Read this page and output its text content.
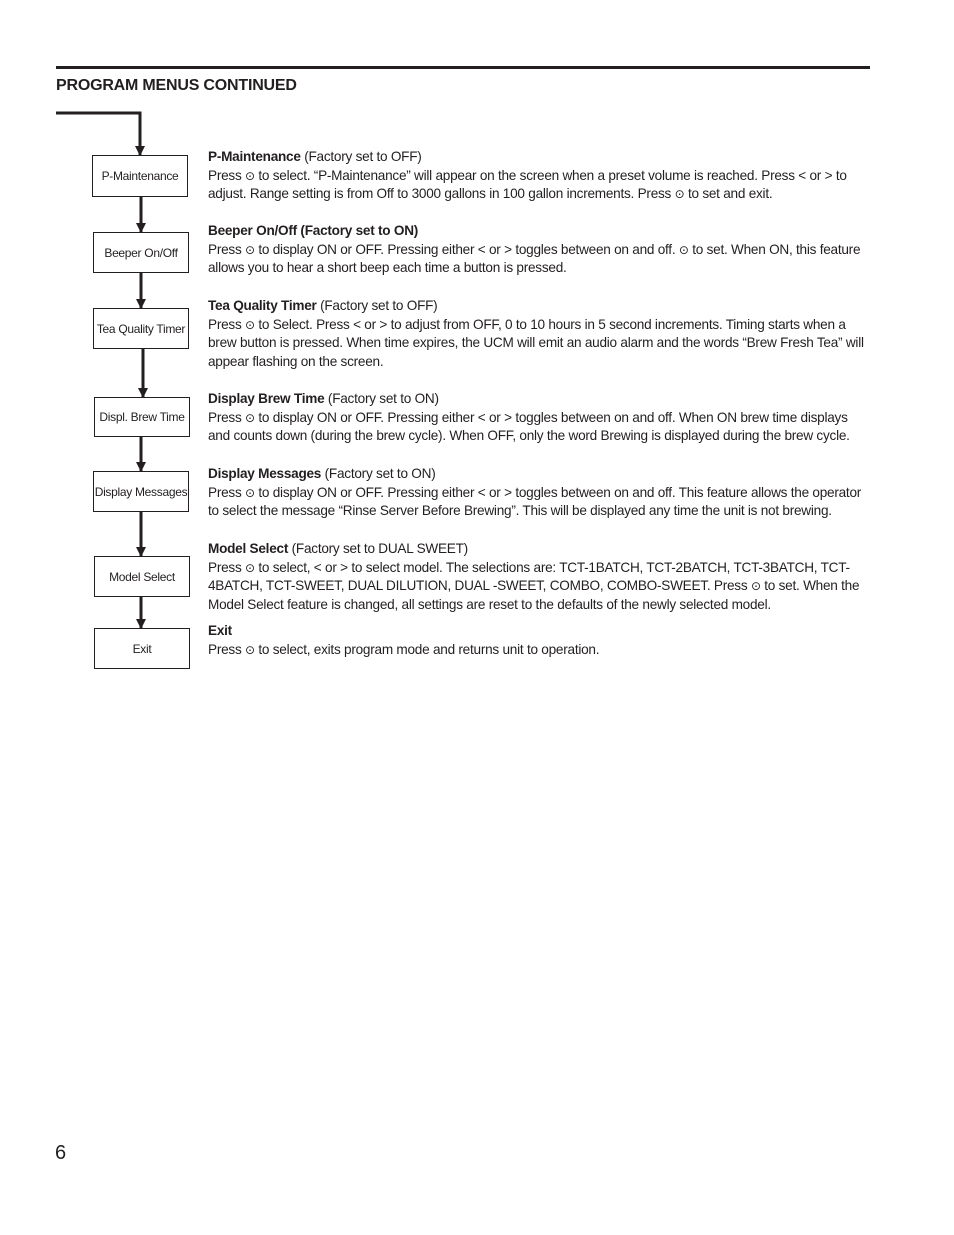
PROGRAM MENUS CONTINUED
P-Maintenance
Beeper On/Off
Tea Quality Timer
Displ. Brew Time
Display Messages
Model Select
Exit

P-Maintenance (Factory set to OFF)

Press ⊙ to select. “P-Maintenance” will appear on the screen when a preset volume is reached. Press < or > to adjust. Range setting is from Off to 3000 gallons in 100 gallon increments. Press ⊙ to set and exit.

Beeper On/Off (Factory set to ON)

Press ⊙ to display ON or OFF. Pressing either < or > toggles between on and off. ⊙ to set. When ON, this feature allows you to hear a short beep each time a button is pressed.

Tea Quality Timer (Factory set to OFF)

Press ⊙ to Select. Press < or > to adjust from OFF, 0 to 10 hours in 5 second increments. Timing starts when a brew button is pressed. When time expires, the UCM will emit an audio alarm and the words “Brew Fresh Tea” will appear flashing on the screen.

Display Brew Time (Factory set to ON)

Press ⊙ to display ON or OFF. Pressing either < or > toggles between on and off. When ON brew time displays and counts down (during the brew cycle). When OFF, only the word Brewing is displayed during the brew cycle.

Display Messages (Factory set to ON)

Press ⊙ to display ON or OFF. Pressing either < or > toggles between on and off. This feature allows the operator to select the message “Rinse Server Before Brewing”. This will be displayed any time the unit is not brewing.

Model Select (Factory set to DUAL SWEET)

Press ⊙ to select, < or > to select model. The selections are: TCT-1BATCH, TCT-2BATCH, TCT-3BATCH, TCT-4BATCH, TCT-SWEET, DUAL DILUTION, DUAL -SWEET, COMBO, COMBO-SWEET. Press ⊙ to set. When the Model Select feature is changed, all settings are reset to the defaults of the newly selected model.

Exit

Press ⊙ to select, exits program mode and returns unit to operation.

6
